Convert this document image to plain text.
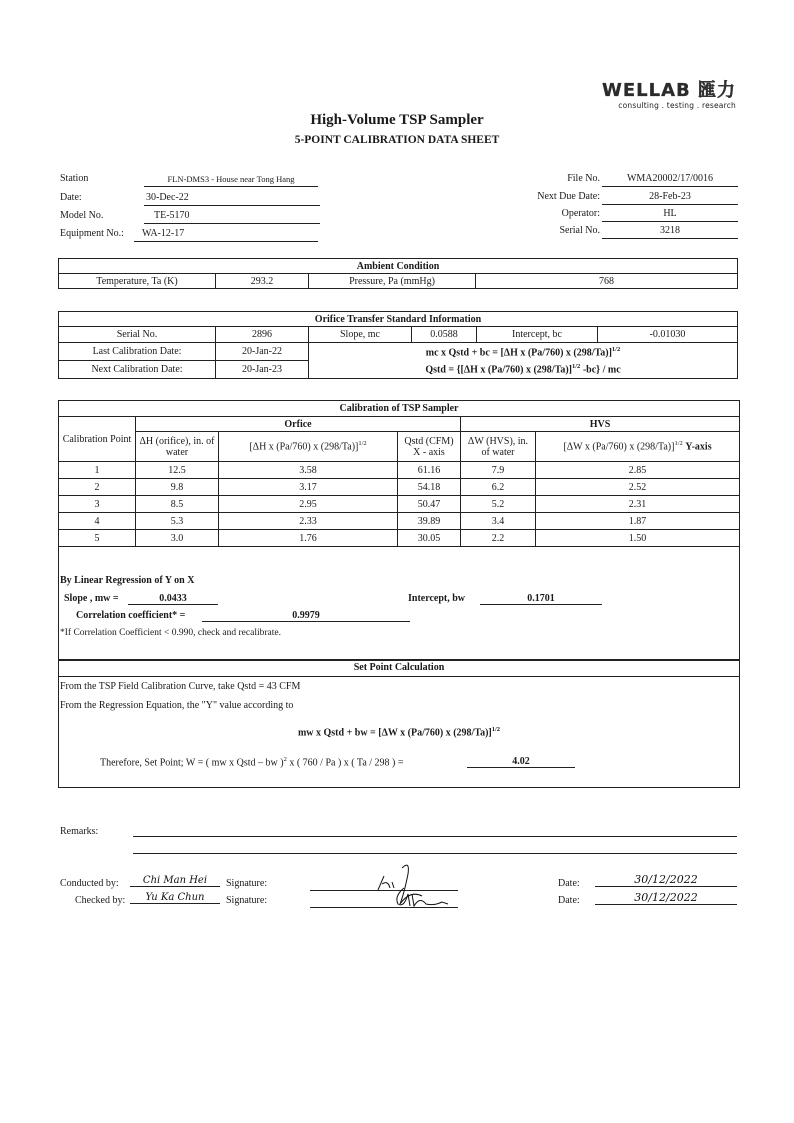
WELLAB 匯力
consulting . testing . research
High-Volume TSP Sampler
5-POINT CALIBRATION DATA SHEET
Station	FLN-DMS3 - House near Tong Hang
Date:	30-Dec-22
Model No.	TE-5170
Equipment No.:	WA-12-17
File No.	WMA20002/17/0016
Next Due Date:	28-Feb-23
Operator:	HL
Serial No.	3218
Ambient Condition
Temperature, Ta (K)	293.2	Pressure, Pa (mmHg)	768
Orifice Transfer Standard Information					
Serial No.	2896	Slope, mc	0.0588	Intercept, bc	-0.01030
Last Calibration Date:	20-Jan-22	mc x Qstd + bc = [ΔH x (Pa/760) x (298/Ta)]$^{1/2}$
Next Calibration Date:	20-Jan-23	Qstd = {[ΔH x (Pa/760) x (298/Ta)]$^{1/2}$ -bc} / mc			
Calibration of TSP Sampler					
Calibration Point	Orfice			HVS	
	ΔH (orifice), in. of water	[ΔH x (Pa/760) x (298/Ta)]$^{1/2}$	Qstd (CFM) X - axis	ΔW (HVS), in. of water	[ΔW x (Pa/760) x (298/Ta)]$^{1/2}$ Y-axis
1	12.5	3.58	61.16	7.9	2.85
2	9.8	3.17	54.18	6.2	2.52
3	8.5	2.95	50.47	5.2	2.31
4	5.3	2.33	39.89	3.4	1.87
5	3.0	1.76	30.05	2.2	1.50
By Linear Regression of Y on X
Slope , mw =	0.0433	Intercept, bw	0.1701
Correlation coefficient* =	0.9979
*If Correlation Coefficient < 0.990, check and recalibrate.
Set Point Calculation
From the TSP Field Calibration Curve, take Qstd = 43 CFM
From the Regression Equation, the "Y" value according to
mw x Qstd + bw = [ΔW x (Pa/760) x (298/Ta)]$^{1/2}$
Therefore, Set Point; W = ( mw x Qstd – bw )$^2$ x ( 760 / Pa ) x ( Ta / 298 ) =	4.02
Remarks:
Conducted by:	Chi Man Hei	Signature:	Date:	30/12/2022
Checked by:	Yu Ka Chun	Signature:	Date:	30/12/2022
